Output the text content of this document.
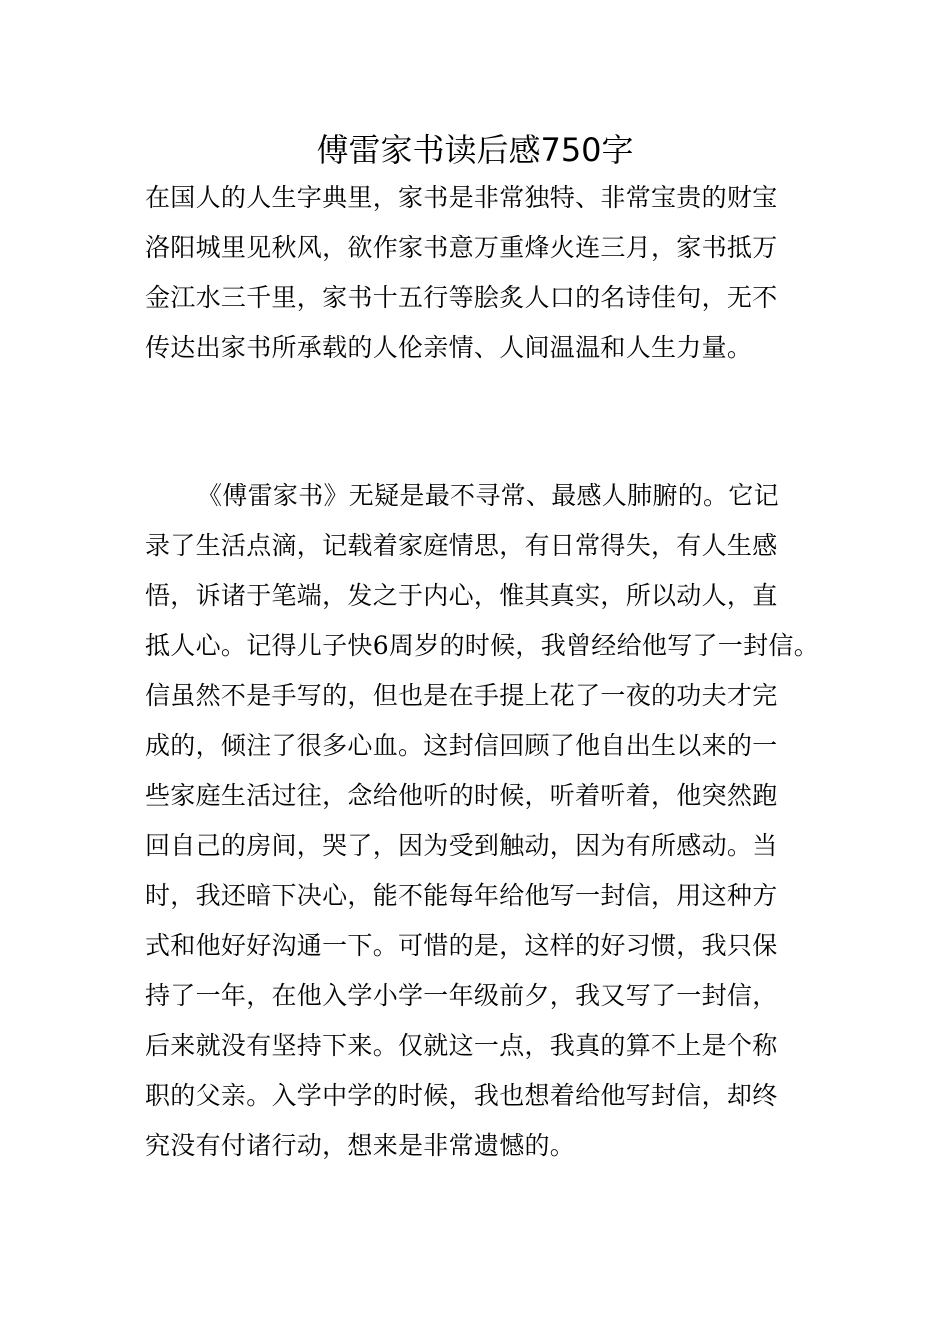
傅雷家书读后感750字
在国人的人生字典里，家书是非常独特、非常宝贵的财宝
洛阳城里见秋风，欲作家书意万重烽火连三月，家书抵万
金江水三千里，家书十五行等脍炙人口的名诗佳句，无不
传达出家书所承载的人伦亲情、人间温温和人生力量。
《傅雷家书》无疑是最不寻常、最感人肺腑的。它记
录了生活点滴，记载着家庭情思，有日常得失，有人生感
悟，诉诸于笔端，发之于内心，惟其真实，所以动人，直
抵人心。记得儿子快6周岁的时候，我曾经给他写了一封信。
信虽然不是手写的，但也是在手提上花了一夜的功夫才完
成的，倾注了很多心血。这封信回顾了他自出生以来的一
些家庭生活过往，念给他听的时候，听着听着，他突然跑
回自己的房间，哭了，因为受到触动，因为有所感动。当
时，我还暗下决心，能不能每年给他写一封信，用这种方
式和他好好沟通一下。可惜的是，这样的好习惯，我只保
持了一年，在他入学小学一年级前夕，我又写了一封信，
后来就没有坚持下来。仅就这一点，我真的算不上是个称
职的父亲。入学中学的时候，我也想着给他写封信，却终
究没有付诸行动，想来是非常遗憾的。
